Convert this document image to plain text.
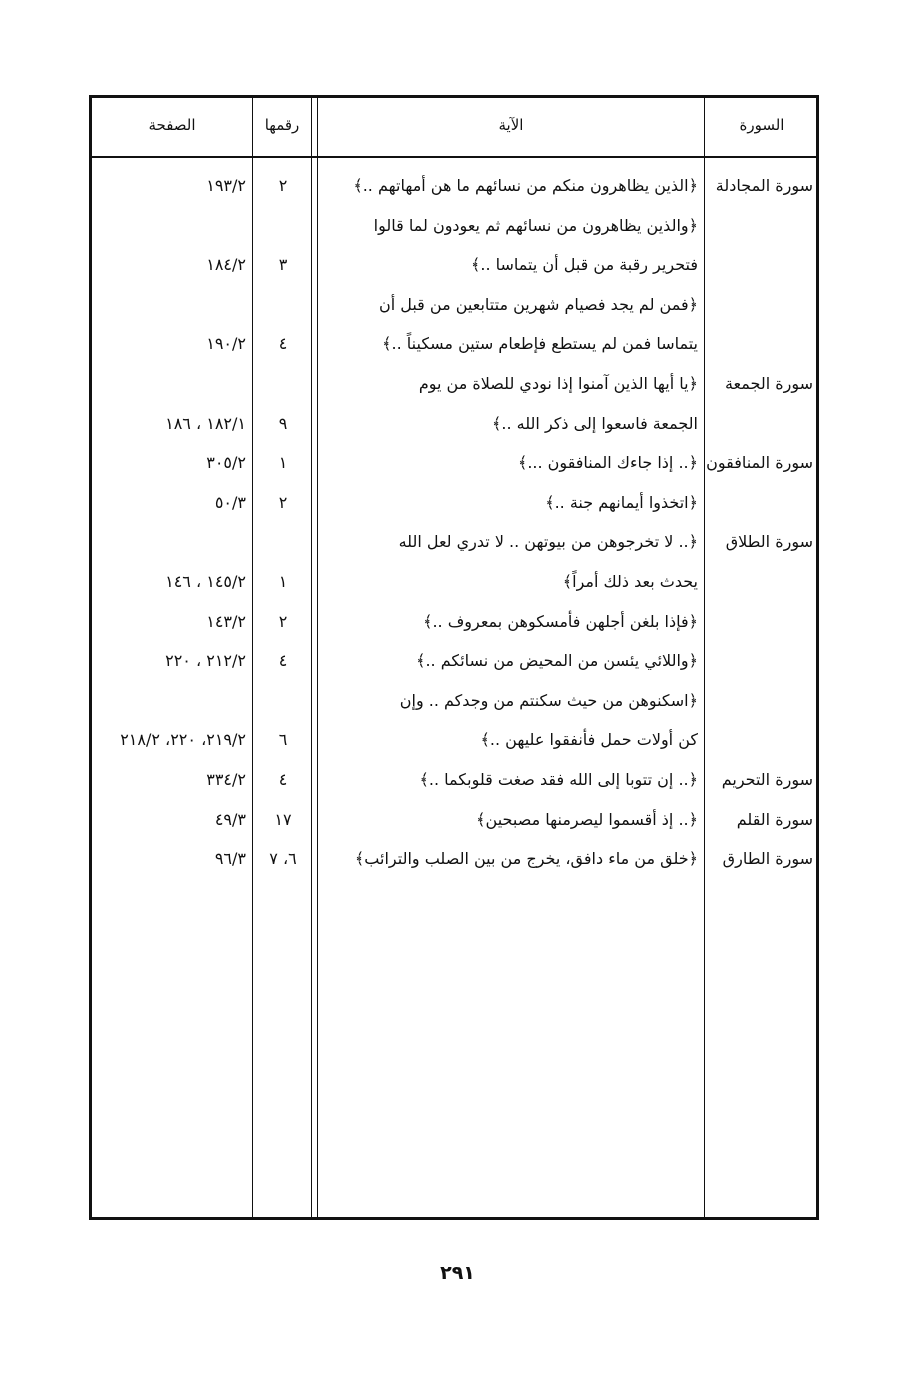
السورة
الآية
رقمها
الصفحة
سورة المجادلة
﴿الذين يظاهرون منكم من نسائهم ما هن أمهاتهم ..﴾
٢
١٩٣/٢
﴿والذين يظاهرون من نسائهم ثم يعودون لما قالوا
فتحرير رقبة من قبل أن يتماسا ..﴾
٣
١٨٤/٢
﴿فمن لم يجد فصيام شهرين متتابعين من قبل أن
يتماسا فمن لم يستطع فإطعام ستين مسكيناً ..﴾
٤
١٩٠/٢
سورة الجمعة
﴿يا أيها الذين آمنوا إذا نودي للصلاة من يوم
الجمعة فاسعوا إلى ذكر الله ..﴾
٩
١٨٢/١ ، ١٨٦
سورة المنافقون
﴿.. إذا جاءك المنافقون ...﴾
١
٣٠٥/٢
﴿اتخذوا أيمانهم جنة ..﴾
٢
٥٠/٣
سورة الطلاق
﴿.. لا تخرجوهن من بيوتهن .. لا تدري لعل الله
يحدث بعد ذلك أمراً﴾
١
١٤٥/٢ ، ١٤٦
﴿فإذا بلغن أجلهن فأمسكوهن بمعروف ..﴾
٢
١٤٣/٢
﴿واللائي يئسن من المحيض من نسائكم ..﴾
٤
٢١٢/٢ ، ٢٢٠
﴿اسكنوهن من حيث سكنتم من وجدكم .. وإن
كن أولات حمل فأنفقوا عليهن ..﴾
٦
٢١٩/٢، ٢٢٠، ٢١٨/٢
سورة التحريم
﴿.. إن تتوبا إلى الله فقد صغت قلوبكما ..﴾
٤
٣٣٤/٢
سورة القلم
﴿.. إذ أقسموا ليصرمنها مصبحين﴾
١٧
٤٩/٣
سورة الطارق
﴿خلق من ماء دافق، يخرج من بين الصلب والترائب﴾
٦، ٧
٩٦/٣
٢٩١
